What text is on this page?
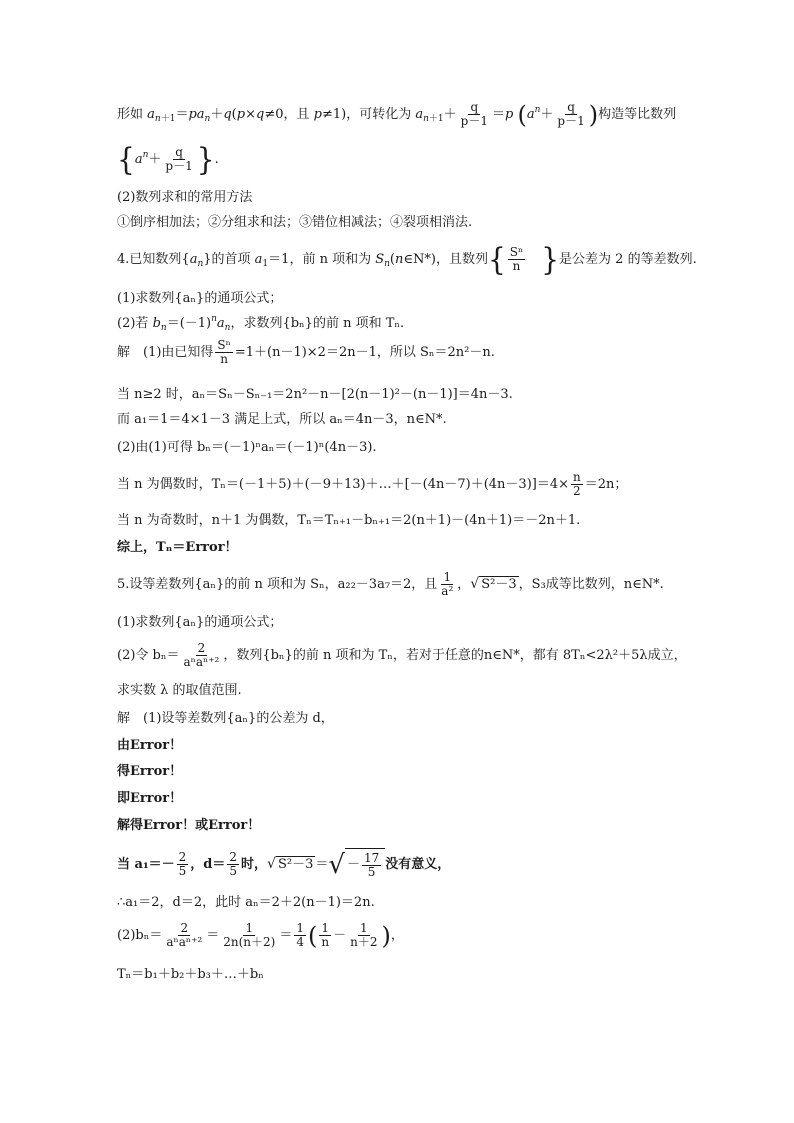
形如 $a_{n+1}=pa_n+q(p\times q\ne 0$，且 p≠1)，可转化为 $a_{n+1}+ \frac{q}{p-1} =p$ ($a^n+ \frac{q}{p-1}$ )构造等比数列
{$a^n+ \frac{q}{p-1}$ }.
(2)数列求和的常用方法
①倒序相加法；②分组求和法；③错位相减法；④裂项相消法.
4.已知数列$\{a_n\}$的首项 $a_1=1$，前 n 项和为 $S_n(n\in N*)$，且数列{ $\frac{\text{Sⁿ}}{n}$ }是公差为 2 的等差数列.
(1)求数列{aₙ}的通项公式；
(2)若 $b_n=(-1)^na_n$，求数列{bₙ}的前 n 项和 Tₙ.
解　(1)由已知得 $\frac{\text{Sⁿ}}{n} =1+(n-1)\times 2=2n-1$，所以 Sₙ＝2n²－n.
当 n≥2 时，aₙ＝Sₙ－Sₙ₋₁＝2n²－n－[2(n－1)²－(n－1)]＝4n－3.
而 a₁＝1＝4×1－3 满足上式，所以 aₙ＝4n－3，n∈N*.
(2)由(1)可得 bₙ＝(－1)ⁿaₙ＝(－1)ⁿ(4n－3).
当 n 为偶数时，Tₙ＝(－1＋5)＋(－9＋13)＋…＋[－(4n－7)＋(4n－3)]＝4× $\frac{n}{2} =2n$；
当 n 为奇数时，n＋1 为偶数，Tₙ＝Tₙ₊₁－bₙ₊₁＝2(n＋1)－(4n＋1)＝－2n＋1.
综上，Tₙ＝Error！
5.设等差数列{aₙ}的前 n 项和为 Sₙ，a₂₂－3a₇＝2，且 $\frac{1}{\text{a²}}$ ， √ S²－3 ，S₃成等比数列，n∈N*.
(1)求数列{aₙ}的通项公式；
(2)令 $b_n= \frac{2}{\text{aⁿaⁿ⁺²}}$ ，数列{bₙ}的前 n 项和为 Tₙ，若对于任意的n∈N*，都有 8Tₙ<2λ²＋5λ成立，
求实数 λ 的取值范围.
解　(1)设等差数列{aₙ}的公差为 d，
由Error！
得Error！
即Error！
解得Error！或Error！
当 $a_1=- \frac{2}{5}$ ，$d= \frac{2}{5}$ 时， √ S²－3 ＝ √ － $\frac{17}{5}$ 没有意义，
∴a₁＝2，d＝2，此时 aₙ＝2＋2(n－1)＝2n.
$(2)b_n= \frac{2}{\text{aⁿaⁿ⁺²}} = \frac{1}{2n(n+2)} = \frac{1}{4}$ ( $\frac{1}{n} - \frac{1}{n+2}$ )，
Tₙ＝b₁＋b₂＋b₃＋…＋bₙ
